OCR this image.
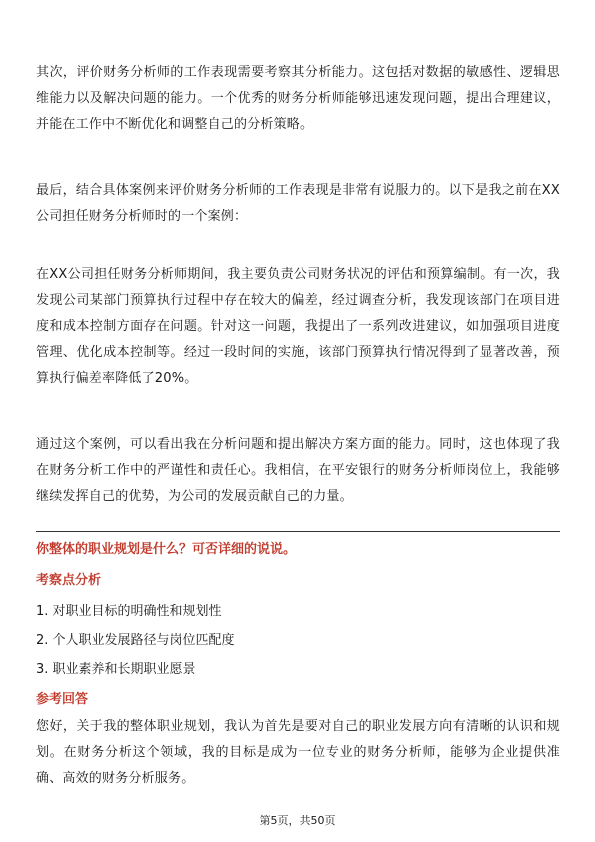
其次，评价财务分析师的工作表现需要考察其分析能力。这包括对数据的敏感性、逻辑思维能力以及解决问题的能力。一个优秀的财务分析师能够迅速发现问题，提出合理建议，并能在工作中不断优化和调整自己的分析策略。

最后，结合具体案例来评价财务分析师的工作表现是非常有说服力的。以下是我之前在XX公司担任财务分析师时的一个案例：

在XX公司担任财务分析师期间，我主要负责公司财务状况的评估和预算编制。有一次，我发现公司某部门预算执行过程中存在较大的偏差，经过调查分析，我发现该部门在项目进度和成本控制方面存在问题。针对这一问题，我提出了一系列改进建议，如加强项目进度管理、优化成本控制等。经过一段时间的实施，该部门预算执行情况得到了显著改善，预算执行偏差率降低了20%。

通过这个案例，可以看出我在分析问题和提出解决方案方面的能力。同时，这也体现了我在财务分析工作中的严谨性和责任心。我相信，在平安银行的财务分析师岗位上，我能够继续发挥自己的优势，为公司的发展贡献自己的力量。

你整体的职业规划是什么？可否详细的说说。
考察点分析
1. 对职业目标的明确性和规划性
2. 个人职业发展路径与岗位匹配度
3. 职业素养和长期职业愿景
参考回答

您好，关于我的整体职业规划，我认为首先是要对自己的职业发展方向有清晰的认识和规划。在财务分析这个领域，我的目标是成为一位专业的财务分析师，能够为企业提供准确、高效的财务分析服务。

第5页，共50页
